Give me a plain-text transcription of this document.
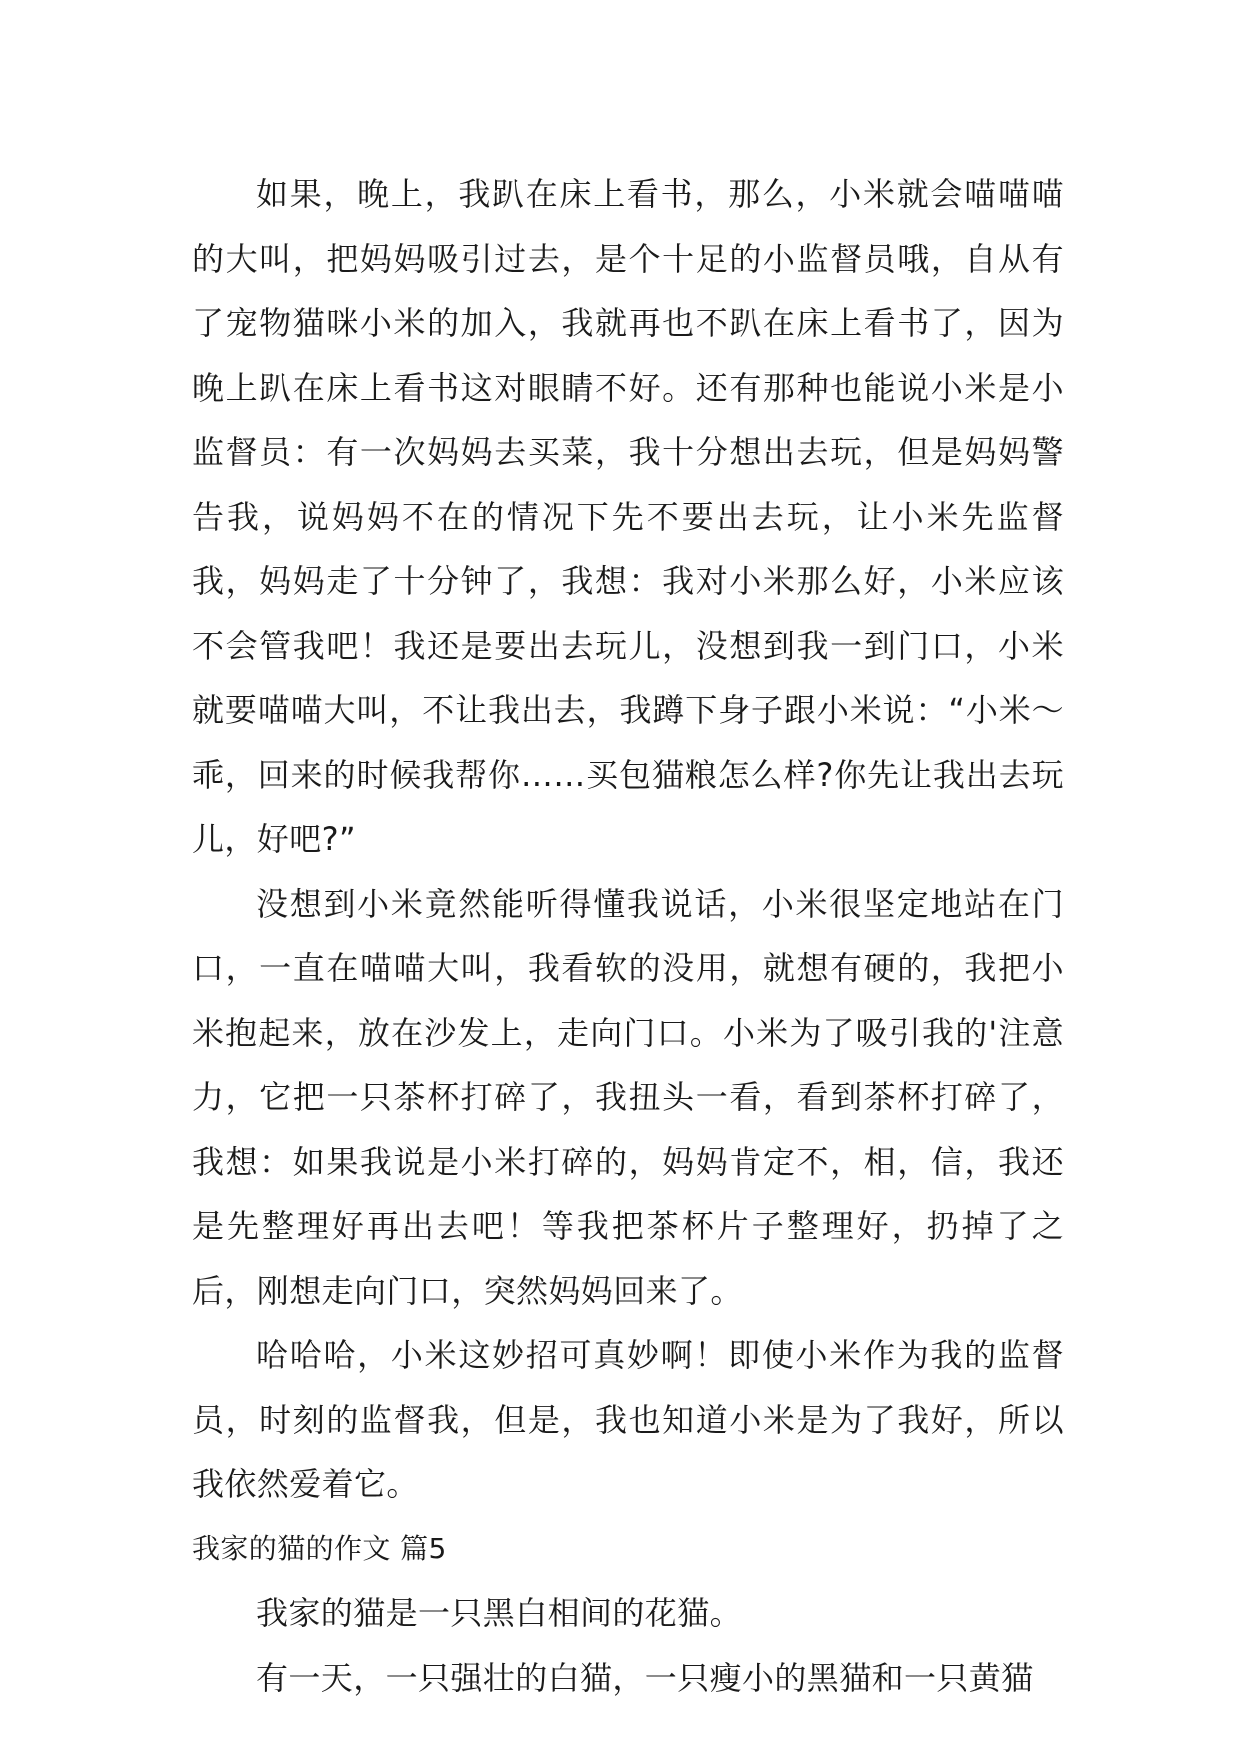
如果，晚上，我趴在床上看书，那么，小米就会喵喵喵的大叫，把妈妈吸引过去，是个十足的小监督员哦，自从有了宠物猫咪小米的加入，我就再也不趴在床上看书了，因为晚上趴在床上看书这对眼睛不好。还有那种也能说小米是小监督员：有一次妈妈去买菜，我十分想出去玩，但是妈妈警告我，说妈妈不在的情况下先不要出去玩，让小米先监督我，妈妈走了十分钟了，我想：我对小米那么好，小米应该不会管我吧！我还是要出去玩儿，没想到我一到门口，小米就要喵喵大叫，不让我出去，我蹲下身子跟小米说：“小米～乖，回来的时候我帮你……买包猫粮怎么样?你先让我出去玩儿，好吧?”

没想到小米竟然能听得懂我说话，小米很坚定地站在门口，一直在喵喵大叫，我看软的没用，就想有硬的，我把小米抱起来，放在沙发上，走向门口。小米为了吸引我的'注意力，它把一只茶杯打碎了，我扭头一看，看到茶杯打碎了，我想：如果我说是小米打碎的，妈妈肯定不，相，信，我还是先整理好再出去吧！等我把茶杯片子整理好，扔掉了之后，刚想走向门口，突然妈妈回来了。

哈哈哈，小米这妙招可真妙啊！即使小米作为我的监督员，时刻的监督我，但是，我也知道小米是为了我好，所以我依然爱着它。

我家的猫的作文 篇5

我家的猫是一只黑白相间的花猫。

有一天，一只强壮的白猫，一只瘦小的黑猫和一只黄猫
